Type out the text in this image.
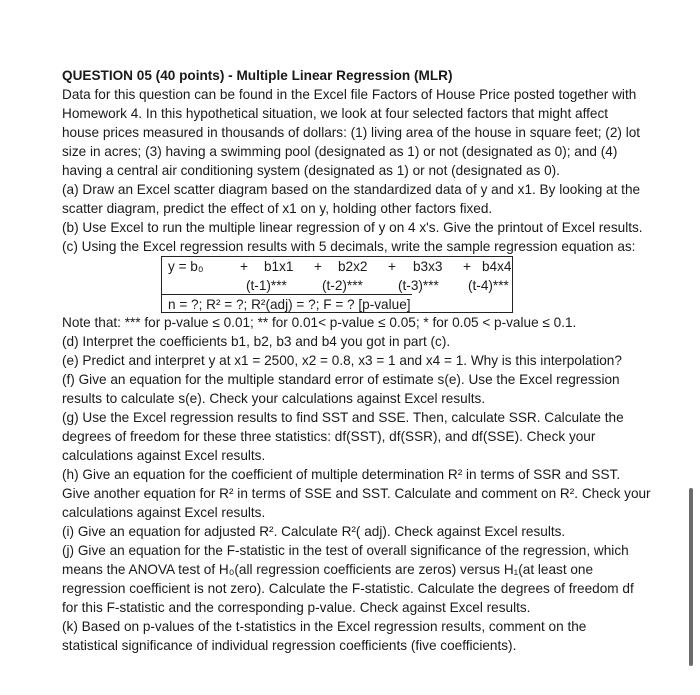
QUESTION 05 (40 points) - Multiple Linear Regression (MLR)
Data for this question can be found in the Excel file Factors of House Price posted together with
Homework 4. In this hypothetical situation, we look at four selected factors that might affect
house prices measured in thousands of dollars: (1) living area of the house in square feet; (2) lot
size in acres; (3) having a swimming pool (designated as 1) or not (designated as 0); and (4)
having a central air conditioning system (designated as 1) or not (designated as 0).
(a) Draw an Excel scatter diagram based on the standardized data of y and x1. By looking at the
scatter diagram, predict the effect of x1 on y, holding other factors fixed.
(b) Use Excel to run the multiple linear regression of y on 4 x's. Give the printout of Excel results.
(c) Using the Excel regression results with 5 decimals, write the sample regression equation as:
y = b₀	+ b1x1 + b2x2 + b3x3 + b4x4
(t-1)***	(t-2)***	(t-3)*** (t-4)***
n = ?; R² = ?; R²(adj) = ?; F = ? [p-value]
Note that: *** for p-value ≤ 0.01; ** for 0.01< p-value ≤ 0.05; * for 0.05 < p-value ≤ 0.1.
(d) Interpret the coefficients b1, b2, b3 and b4 you got in part (c).
(e) Predict and interpret y at x1 = 2500, x2 = 0.8, x3 = 1 and x4 = 1. Why is this interpolation?
(f) Give an equation for the multiple standard error of estimate s(e). Use the Excel regression
results to calculate s(e). Check your calculations against Excel results.
(g) Use the Excel regression results to find SST and SSE. Then, calculate SSR. Calculate the
degrees of freedom for these three statistics: df(SST), df(SSR), and df(SSE). Check your
calculations against Excel results.
(h) Give an equation for the coefficient of multiple determination R² in terms of SSR and SST.
Give another equation for R² in terms of SSE and SST. Calculate and comment on R². Check your
calculations against Excel results.
(i) Give an equation for adjusted R². Calculate R²( adj). Check against Excel results.
(j) Give an equation for the F-statistic in the test of overall significance of the regression, which
means the ANOVA test of H₀(all regression coefficients are zeros) versus H₁(at least one
regression coefficient is not zero). Calculate the F-statistic. Calculate the degrees of freedom df
for this F-statistic and the corresponding p-value. Check against Excel results.
(k) Based on p-values of the t-statistics in the Excel regression results, comment on the
statistical significance of individual regression coefficients (five coefficients).
